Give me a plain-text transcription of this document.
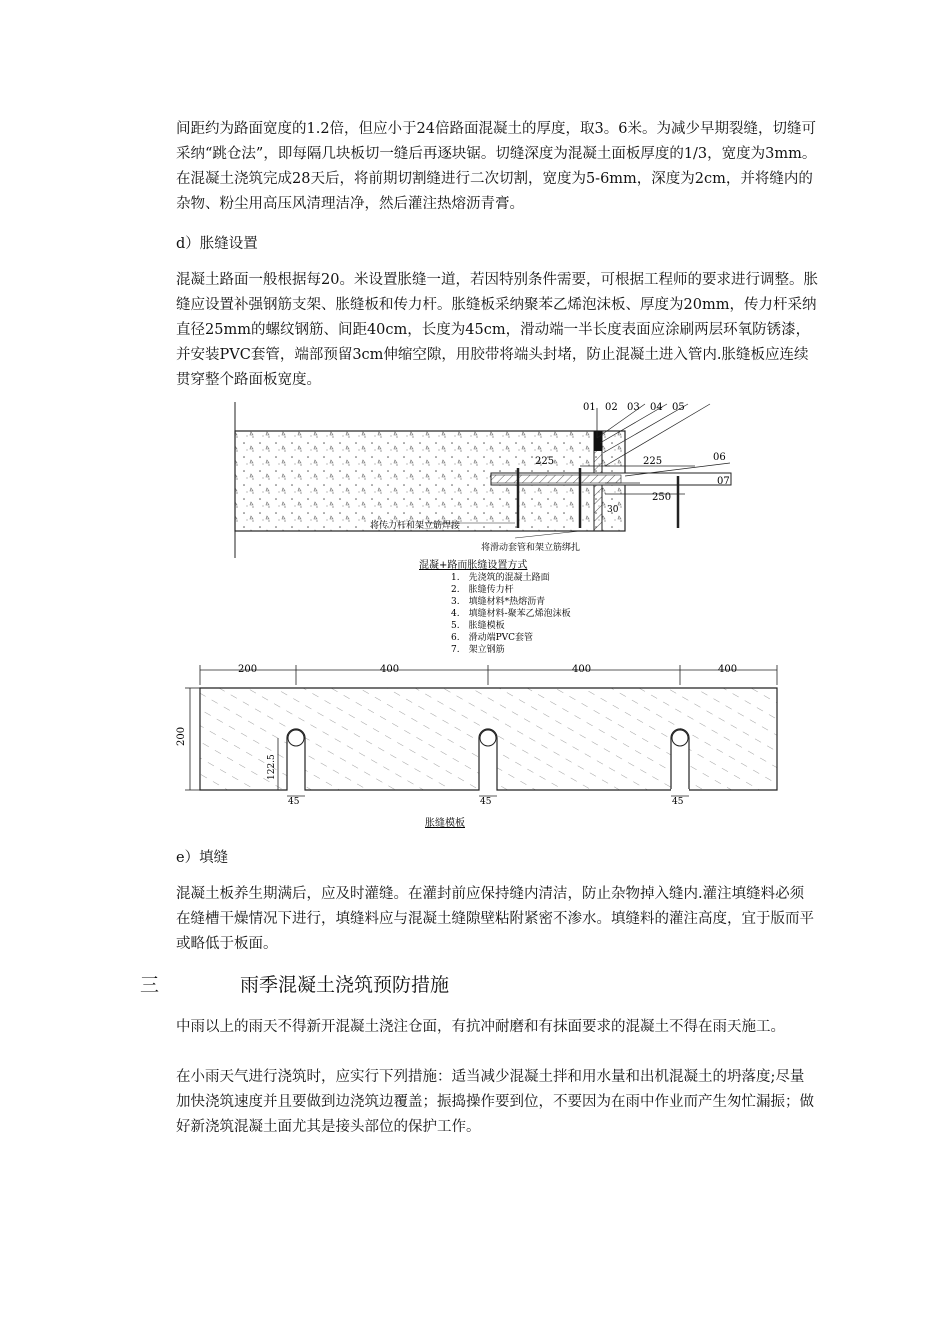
间距约为路面宽度的1.2倍，但应小于24倍路面混凝土的厚度，取3。6米。为减少早期裂缝，切缝可采纳“跳仓法”，即每隔几块板切一缝后再逐块锯。切缝深度为混凝土面板厚度的1/3，宽度为3mm。在混凝土浇筑完成28天后，将前期切割缝进行二次切割，宽度为5-6mm，深度为2cm，并将缝内的杂物、粉尘用高压风清理洁净，然后灌注热熔沥青膏。

d）胀缝设置

混凝土路面一般根据每20。米设置胀缝一道，若因特别条件需要，可根据工程师的要求进行调整。胀缝应设置补强钢筋支架、胀缝板和传力杆。胀缝板采纳聚苯乙烯泡沫板、厚度为20mm，传力杆采纳直径25mm的螺纹钢筋、间距40cm，长度为45cm，滑动端一半长度表面应涂刷两层环氧防锈漆，并安装PVC套管，端部预留3cm伸缩空隙，用胶带将端头封堵，防止混凝土进入管内.胀缝板应连续贯穿整个路面板宽度。

01 02 03 04 05
06
07
225	225
250
30
将传力杆和架立筋焊接
将滑动套管和架立筋绑扎
混凝+路而胀缝设置方式
1.　先浇筑的混凝土路面
2.　胀缝传力杆
3.　填缝材料*热熔沥青
4.　填缝材料-聚苯乙烯泡沫板
5.　胀缝模板
6.　滑动端PVC套管
7.　架立钢筋
200	400	400	400
200
122.5
45	45	45
胀缝模板

e）填缝

混凝土板养生期满后，应及时灌缝。在灌封前应保持缝内清洁，防止杂物掉入缝内.灌注填缝料必须在缝槽干燥情况下进行，填缝料应与混凝土缝隙壁粘附紧密不渗水。填缝料的灌注高度，宜于版而平或略低于板面。

三	雨季混凝土浇筑预防措施

中雨以上的雨天不得新开混凝土浇注仓面，有抗冲耐磨和有抹面要求的混凝土不得在雨天施工。

在小雨天气进行浇筑时，应实行下列措施：适当减少混凝土拌和用水量和出机混凝土的坍落度;尽量加快浇筑速度并且要做到边浇筑边覆盖；振捣操作要到位，不要因为在雨中作业而产生匆忙漏振；做好新浇筑混凝土面尤其是接头部位的保护工作。
